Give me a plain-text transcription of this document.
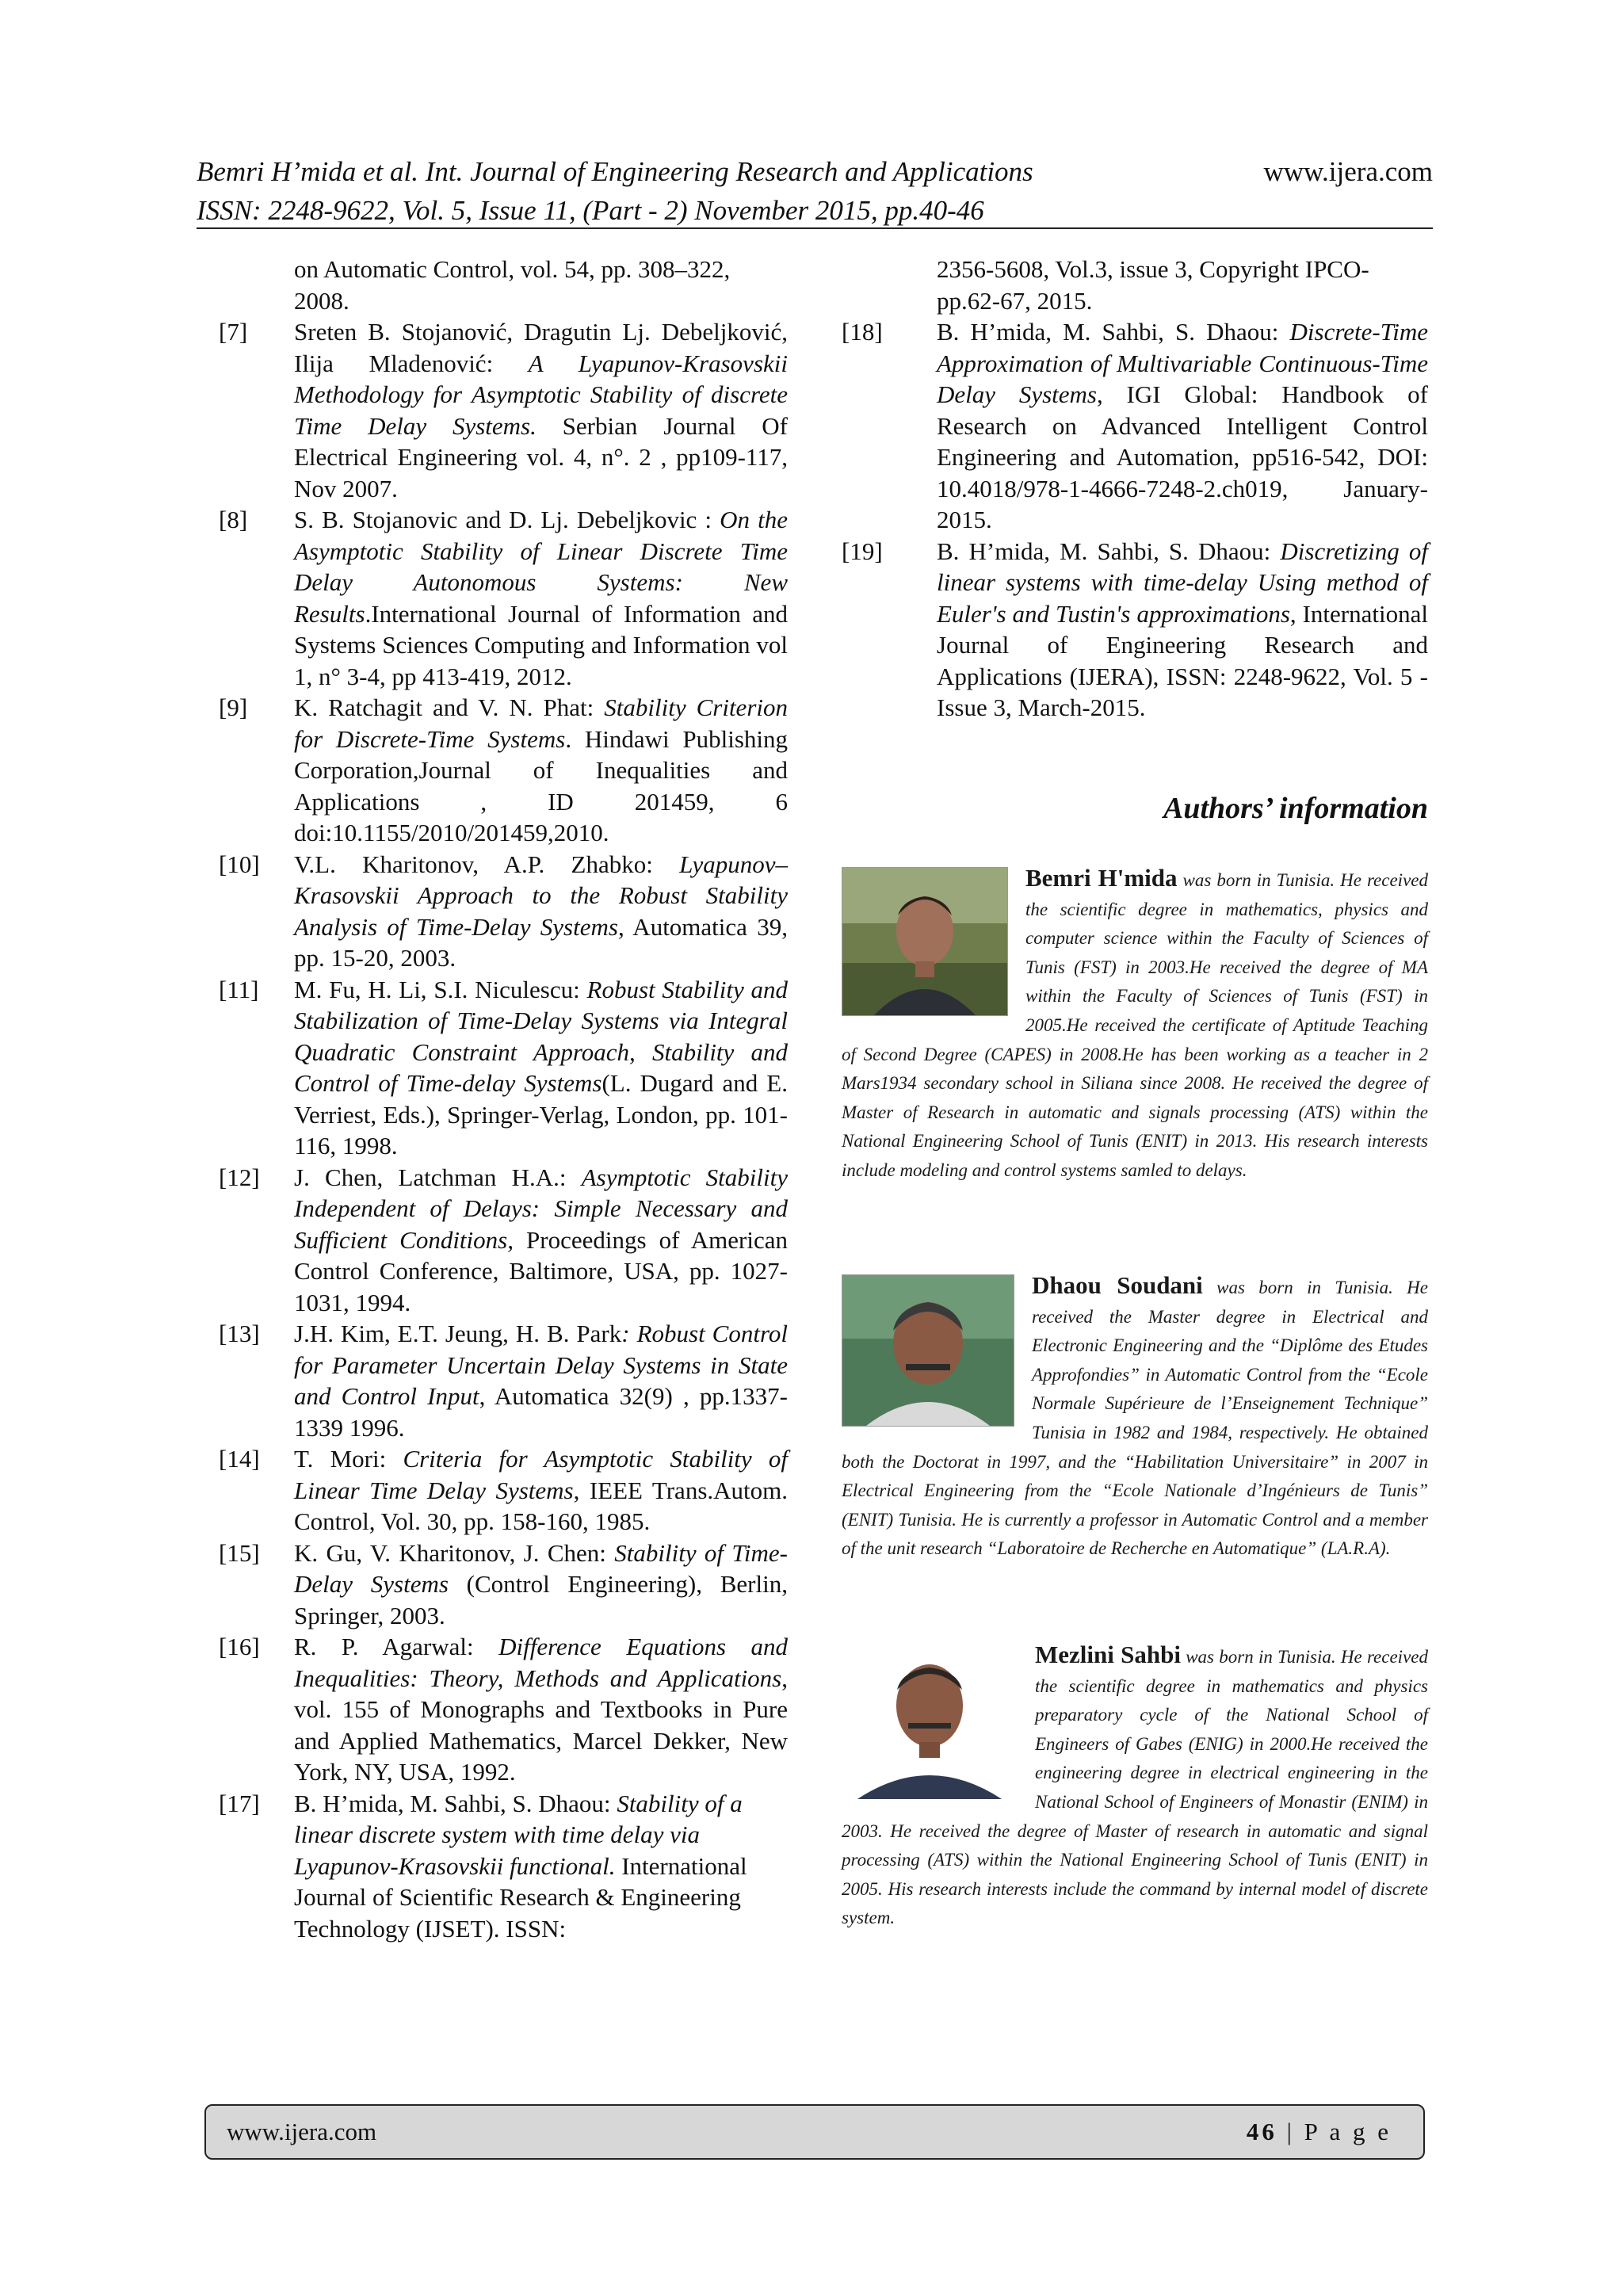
Bemri H’mida et al. Int. Journal of Engineering Research and Applications	www.ijera.com
ISSN: 2248-9622, Vol. 5, Issue 11, (Part - 2) November 2015, pp.40-46
on Automatic Control, vol. 54, pp. 308–322,
2008.
[7]	Sreten B. Stojanović, Dragutin Lj. Debeljković, Ilija Mladenović: A Lyapunov-Krasovskii Methodology for Asymptotic Stability of discrete Time Delay Systems. Serbian Journal Of Electrical Engineering vol. 4, n°. 2 , pp109-117, Nov 2007.
[8]	S. B. Stojanovic and D. Lj. Debeljkovic : On the Asymptotic Stability of Linear Discrete Time Delay Autonomous Systems: New Results.International Journal of Information and Systems Sciences Computing and Information vol 1, n° 3-4, pp 413-419, 2012.
[9]	K. Ratchagit and V. N. Phat: Stability Criterion for Discrete-Time Systems. Hindawi Publishing Corporation,Journal of Inequalities and Applications , ID 201459, 6 doi:10.1155/2010/201459,2010.
[10]	V.L. Kharitonov, A.P. Zhabko: Lyapunov–Krasovskii Approach to the Robust Stability Analysis of Time-Delay Systems, Automatica 39, pp. 15-20, 2003.
[11]	M. Fu, H. Li, S.I. Niculescu: Robust Stability and Stabilization of Time-Delay Systems via Integral Quadratic Constraint Approach, Stability and Control of Time-delay Systems(L. Dugard and E. Verriest, Eds.), Springer-Verlag, London, pp. 101-116, 1998.
[12]	J. Chen, Latchman H.A.: Asymptotic Stability Independent of Delays: Simple Necessary and Sufficient Conditions, Proceedings of American Control Conference, Baltimore, USA, pp. 1027-1031, 1994.
[13]	J.H. Kim, E.T. Jeung, H. B. Park: Robust Control for Parameter Uncertain Delay Systems in State and Control Input, Automatica 32(9) , pp.1337-1339 1996.
[14]	T. Mori: Criteria for Asymptotic Stability of Linear Time Delay Systems, IEEE Trans.Autom. Control, Vol. 30, pp. 158-160, 1985.
[15]	K. Gu, V. Kharitonov, J. Chen: Stability of Time-Delay Systems (Control Engineering), Berlin, Springer, 2003.
[16]	R. P. Agarwal: Difference Equations and Inequalities: Theory, Methods and Applications, vol. 155 of Monographs and Textbooks in Pure and Applied Mathematics, Marcel Dekker, New York, NY, USA, 1992.
[17]	B. H’mida, M. Sahbi, S. Dhaou: Stability of a linear discrete system with time delay via Lyapunov-Krasovskii functional. International Journal of Scientific Research & Engineering Technology (IJSET). ISSN:
2356-5608, Vol.3, issue 3, Copyright IPCO-
pp.62-67, 2015.
[18]	B. H’mida, M. Sahbi, S. Dhaou: Discrete-Time Approximation of Multivariable Continuous-Time Delay Systems, IGI Global: Handbook of Research on Advanced Intelligent Control Engineering and Automation, pp516-542, DOI: 10.4018/978-1-4666-7248-2.ch019, January-2015.
[19]	B. H’mida, M. Sahbi, S. Dhaou: Discretizing of linear systems with time-delay Using method of Euler's and Tustin's approximations, International Journal of Engineering Research and Applications (IJERA), ISSN: 2248-9622, Vol. 5 -Issue 3, March-2015.
Authors’ information
Bemri H'mida was born in Tunisia. He received the scientific degree in mathematics, physics and computer science within the Faculty of Sciences of Tunis (FST) in 2003.He received the degree of MA within the Faculty of Sciences of Tunis (FST) in 2005.He received the certificate of Aptitude Teaching of Second Degree (CAPES) in 2008.He has been working as a teacher in 2 Mars1934 secondary school in Siliana since 2008. He received the degree of Master of Research in automatic and signals processing (ATS) within the National Engineering School of Tunis (ENIT) in 2013. His research interests include modeling and control systems samled to delays.
Dhaou Soudani was born in Tunisia. He received the Master degree in Electrical and Electronic Engineering and the “Diplôme des Etudes Approfondies” in Automatic Control from the “Ecole Normale Supérieure de l’Enseignement Technique” Tunisia in 1982 and 1984, respectively. He obtained both the Doctorat in 1997, and the “Habilitation Universitaire” in 2007 in Electrical Engineering from the “Ecole Nationale d’Ingénieurs de Tunis” (ENIT) Tunisia. He is currently a professor in Automatic Control and a member of the unit research “Laboratoire de Recherche en Automatique” (LA.R.A).
Mezlini Sahbi was born in Tunisia. He received the scientific degree in mathematics and physics preparatory cycle of the National School of Engineers of Gabes (ENIG) in 2000.He received the engineering degree in electrical engineering in the National School of Engineers of Monastir (ENIM) in 2003. He received the degree of Master of research in automatic and signal processing (ATS) within the National Engineering School of Tunis (ENIT) in 2005. His research interests include the command by internal model of discrete system.
www.ijera.com	46 | P a g e
